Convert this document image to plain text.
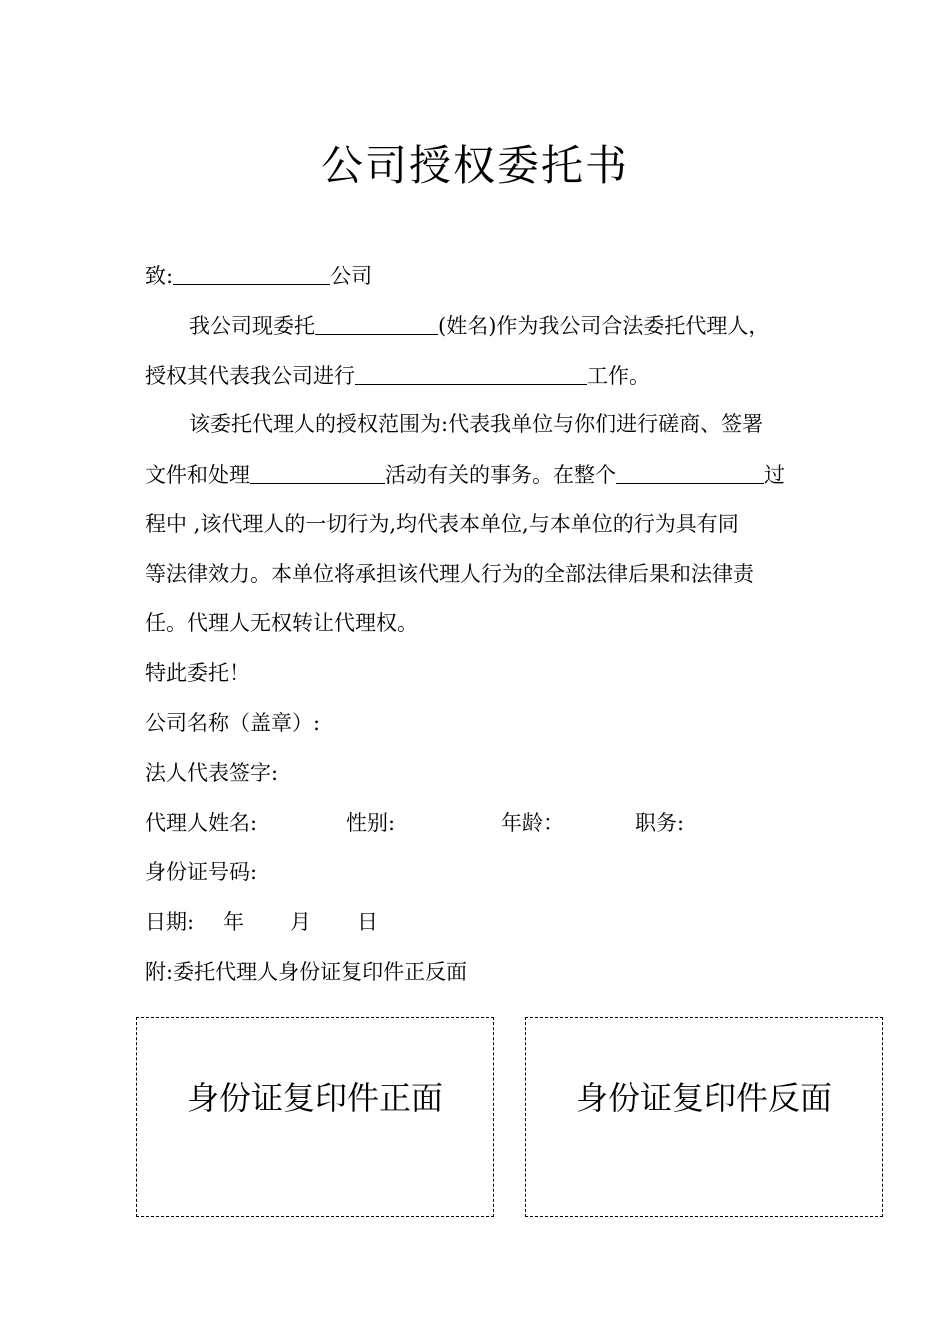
公司授权委托书
致:	公司
我公司现委托	(姓名)作为我公司合法委托代理人，
授权其代表我公司进行	工作。
该委托代理人的授权范围为:代表我单位与你们进行磋商、签署
文件和处理	活动有关的事务。在整个	过
程中 ,该代理人的一切行为,均代表本单位,与本单位的行为具有同
等法律效力。本单位将承担该代理人行为的全部法律后果和法律责
任。代理人无权转让代理权。
特此委托！
公司名称（盖章）:
法人代表签字:
代理人姓名:	性别:	年龄：	职务:
身份证号码:
日期: 年 月 日
附:委托代理人身份证复印件正反面
身份证复印件正面	身份证复印件反面
